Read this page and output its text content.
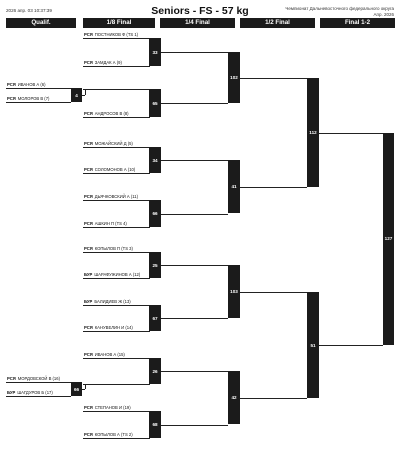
2026 апр. 03 10:37:39	Seniors - FS - 57 kg	Чемпионат Дальневосточного федерального округа
Апр. 2026
Qualif.	1/8 Final	1/4 Final	1/2 Final	Final 1-2
РСЯ ПОСТНИКОВ Ф (TS 1)
РСЯ ЗАМДАК А (9)
РСЯ АНДРОСОВ В (8)
РСЯ МОЖАЙСКИЙ Д (5)
РСЯ СОЛОМОНОВ А (10)
РСЯ ДЬЯЧКОВСКИЙ А (11)
РСЯ АШКИН П (TS 4)
РСЯ КОПЫЛОВ П (TS 3)
БУР ШАРАФУЖИНОВ А (12)
БУР БАЛИДИЕВ Ж (13)
РСЯ КАНУВЕЛИН И (14)
РСЯ ИВАНОВ А (15)
РСЯ СТЕПАНОВ И (19)
РСЯ КОПЫЛОВ А (TS 2)
33
65
34
66
25
67
26
68
РСЯ ИВАНОВ А (6)
РСЯ МОЛОРОВ В (7)
РСЯ МОРДОВСКОЙ В (16)
БУР ШАГДУРОВ Б (17)
4
66
102
41
103
42
112
51
127
